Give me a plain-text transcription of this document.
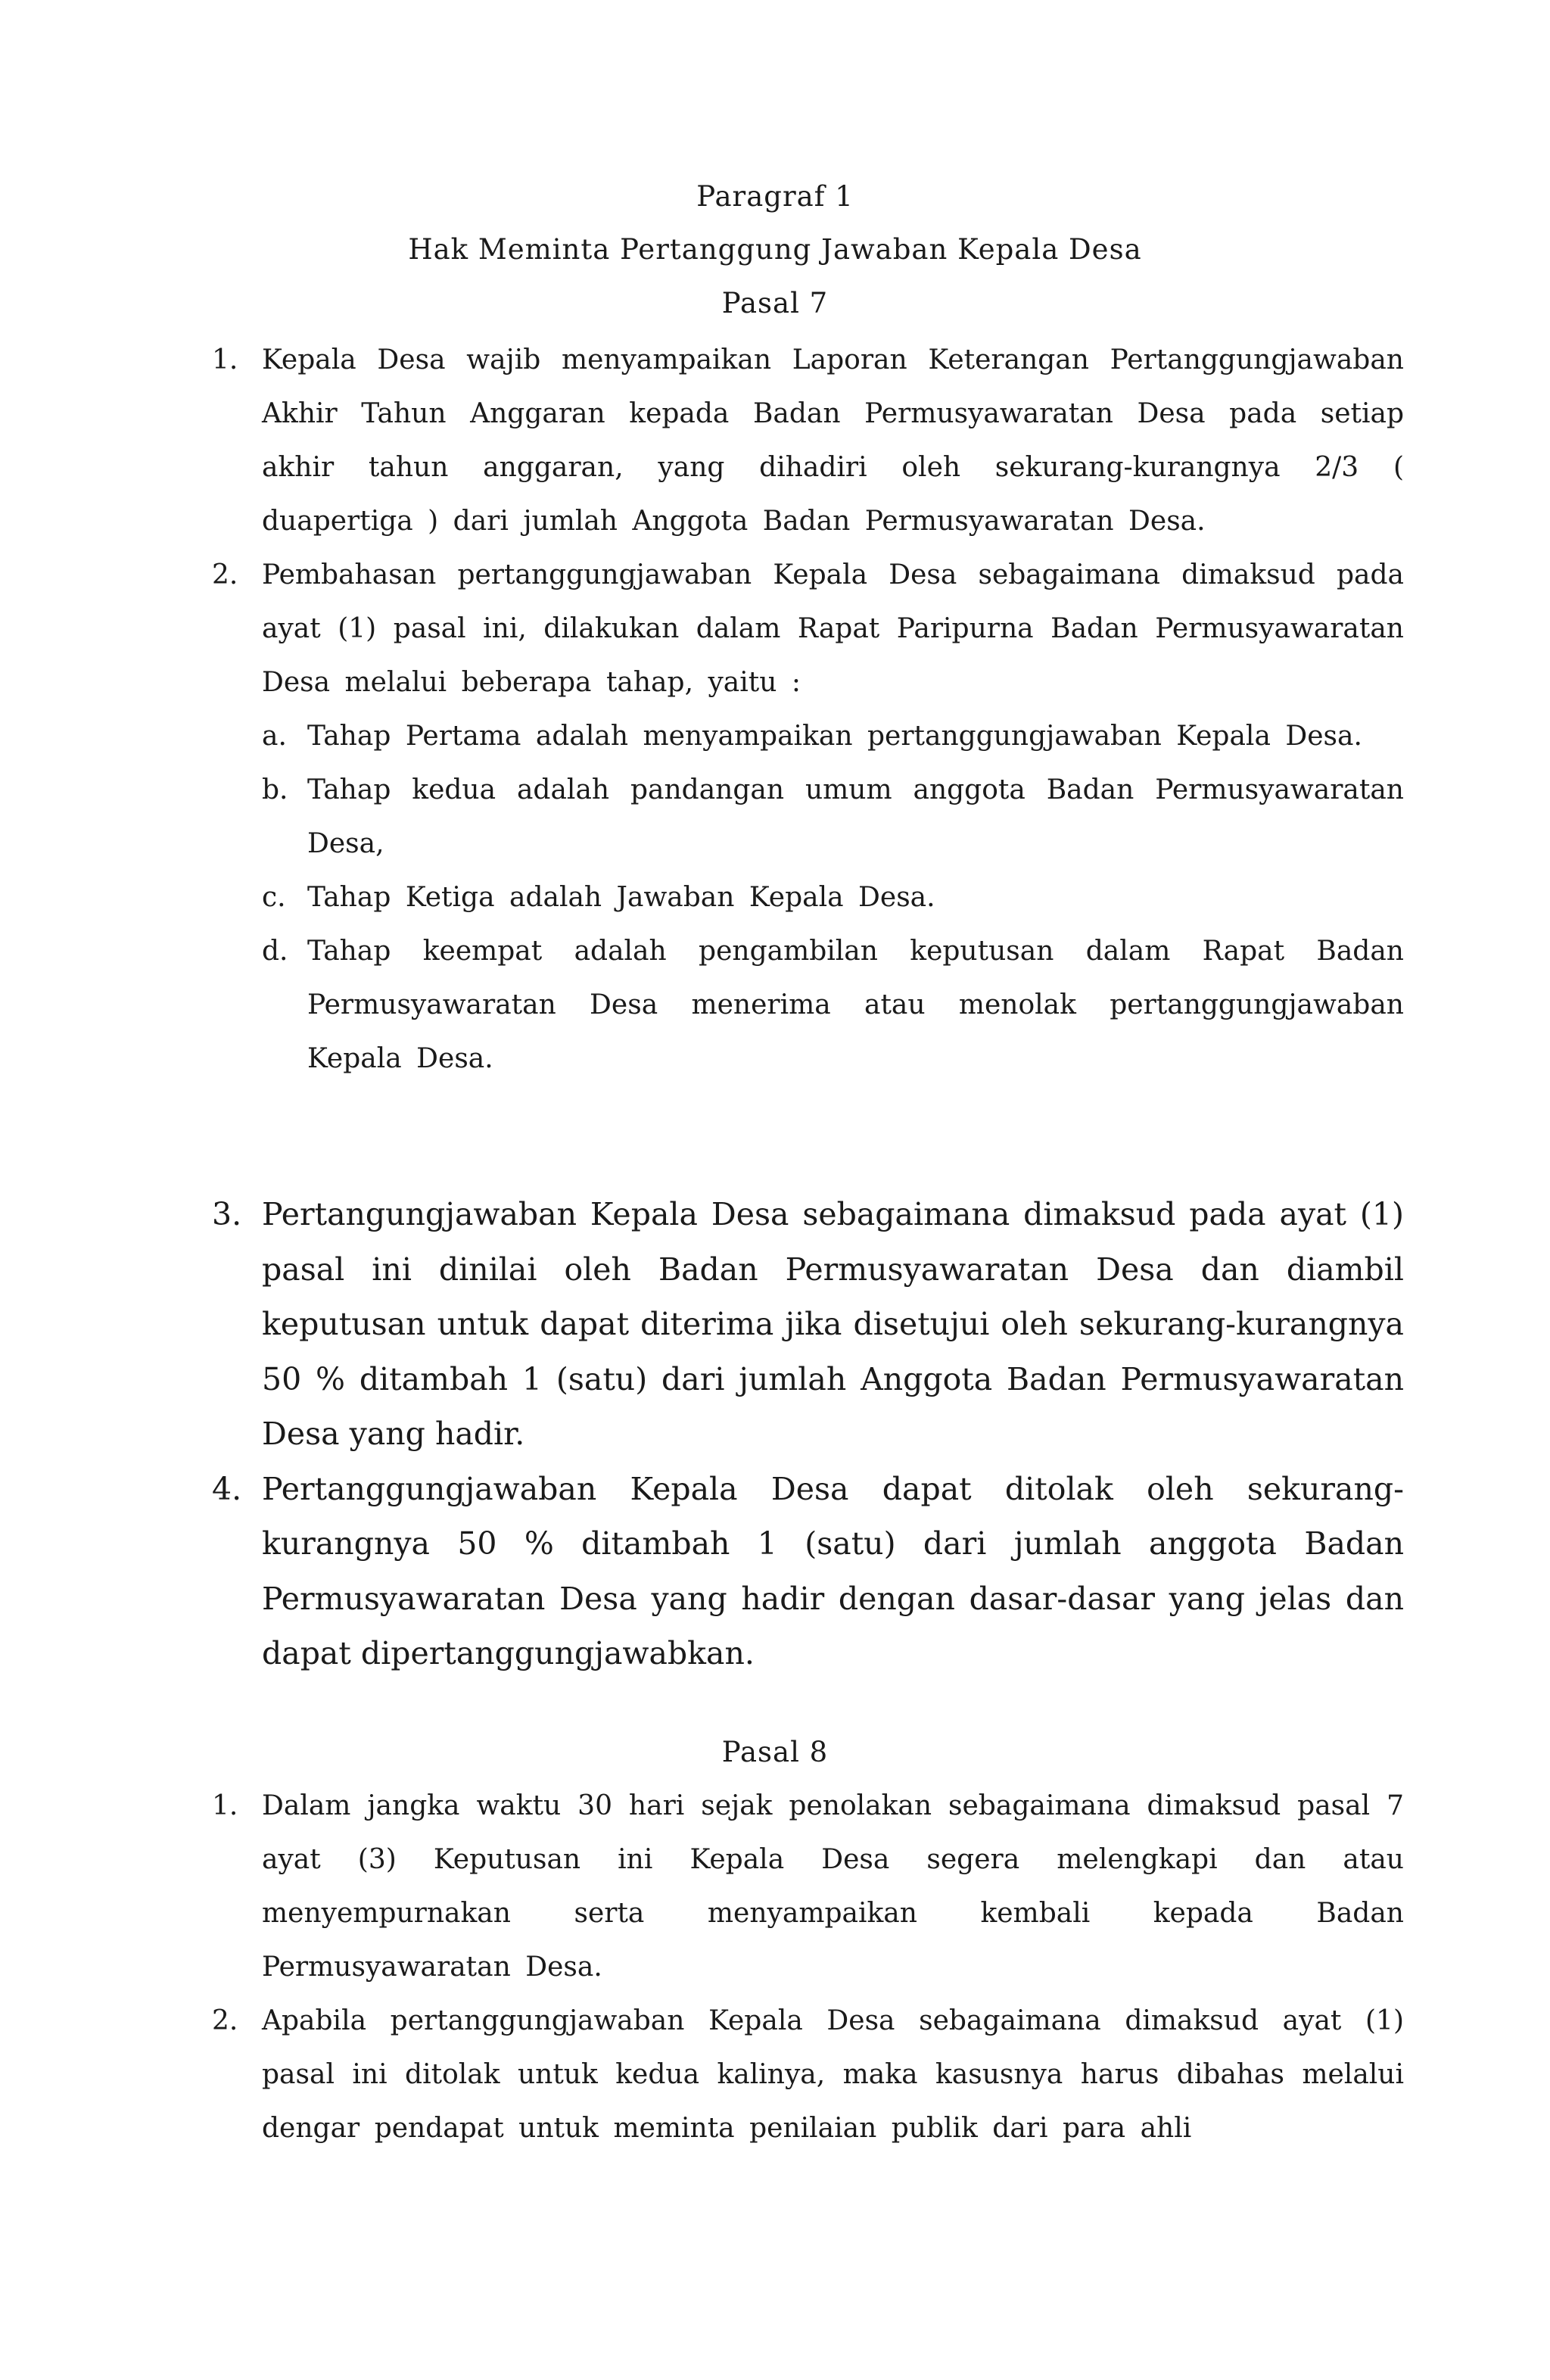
Paragraf 1
Hak Meminta Pertanggung Jawaban Kepala Desa
Pasal 7
1. Kepala Desa wajib menyampaikan Laporan Keterangan Pertanggungjawaban Akhir Tahun Anggaran kepada Badan Permusyawaratan Desa pada setiap akhir tahun anggaran, yang dihadiri oleh sekurang-kurangnya 2/3 ( duapertiga ) dari jumlah Anggota Badan Permusyawaratan Desa.
2. Pembahasan pertanggungjawaban Kepala Desa sebagaimana dimaksud pada ayat (1) pasal ini, dilakukan dalam Rapat Paripurna Badan Permusyawaratan Desa melalui beberapa tahap, yaitu :
a. Tahap Pertama adalah menyampaikan pertanggungjawaban Kepala Desa.
b. Tahap kedua adalah pandangan umum anggota Badan Permusyawaratan Desa,
c. Tahap Ketiga adalah Jawaban Kepala Desa.
d. Tahap keempat adalah pengambilan keputusan dalam Rapat Badan Permusyawaratan Desa menerima atau menolak pertanggungjawaban Kepala Desa.
3. Pertangungjawaban Kepala Desa sebagaimana dimaksud pada ayat (1) pasal ini dinilai oleh Badan Permusyawaratan Desa dan diambil keputusan untuk dapat diterima jika disetujui oleh sekurang-kurangnya 50 % ditambah 1 (satu) dari jumlah Anggota Badan Permusyawaratan Desa yang hadir.
4. Pertanggungjawaban Kepala Desa dapat ditolak oleh sekurang-kurangnya 50 % ditambah 1 (satu) dari jumlah anggota Badan Permusyawaratan Desa yang hadir dengan dasar-dasar yang jelas dan dapat dipertanggungjawabkan.
Pasal 8
1. Dalam jangka waktu 30 hari sejak penolakan sebagaimana dimaksud pasal 7 ayat (3) Keputusan ini Kepala Desa segera melengkapi dan atau menyempurnakan serta menyampaikan kembali kepada Badan Permusyawaratan Desa.
2. Apabila pertanggungjawaban Kepala Desa sebagaimana dimaksud ayat (1) pasal ini ditolak untuk kedua kalinya, maka kasusnya harus dibahas melalui dengar pendapat untuk meminta penilaian publik dari para ahli
